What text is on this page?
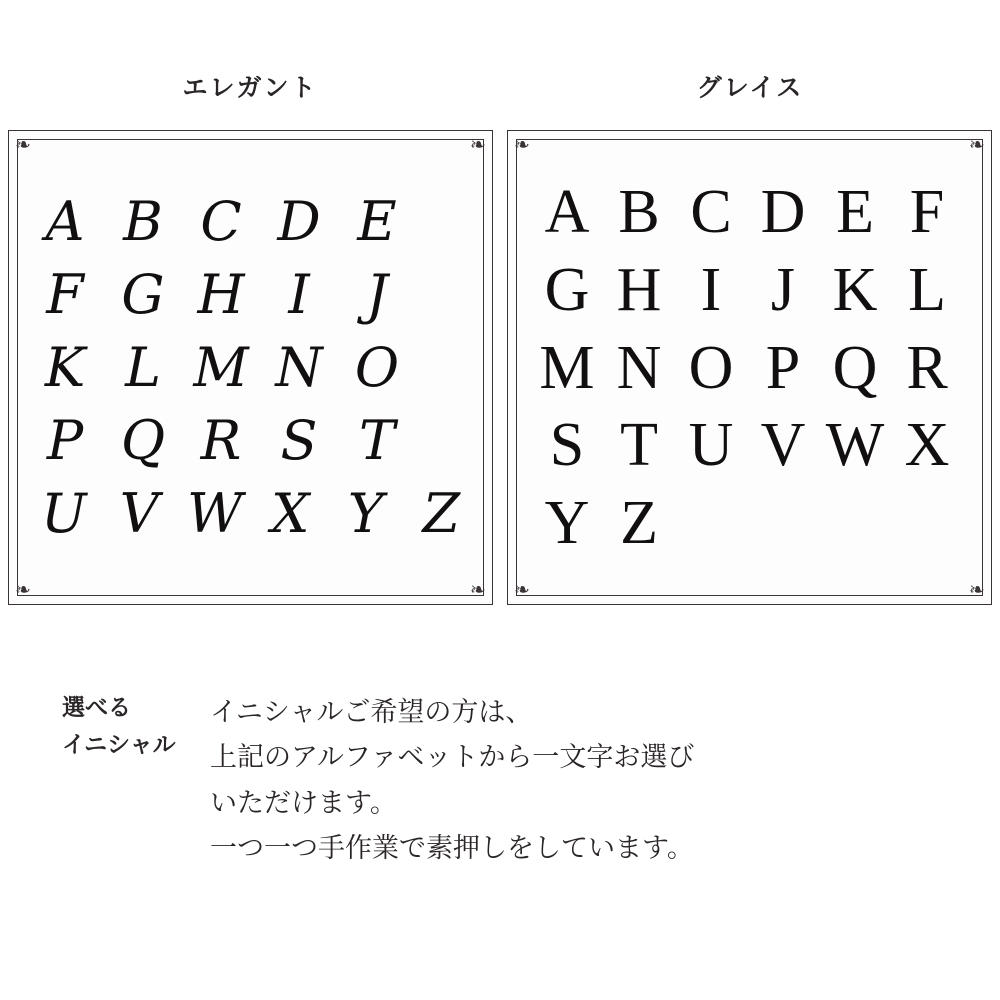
エレガント	グレイス
❧	❧
❧	❧
A B C D E
F G H I	J
K L M N O
P Q R S T
U V W X Y Z
❧	❧
❧	❧
A B C D E F
G H I J K L
M N O P Q R
S T U V W X
Y Z
選べる
イニシャル

イニシャルご希望の方は、

上記のアルファベットから一文字お選び

いただけます。

一つ一つ手作業で素押しをしています。
